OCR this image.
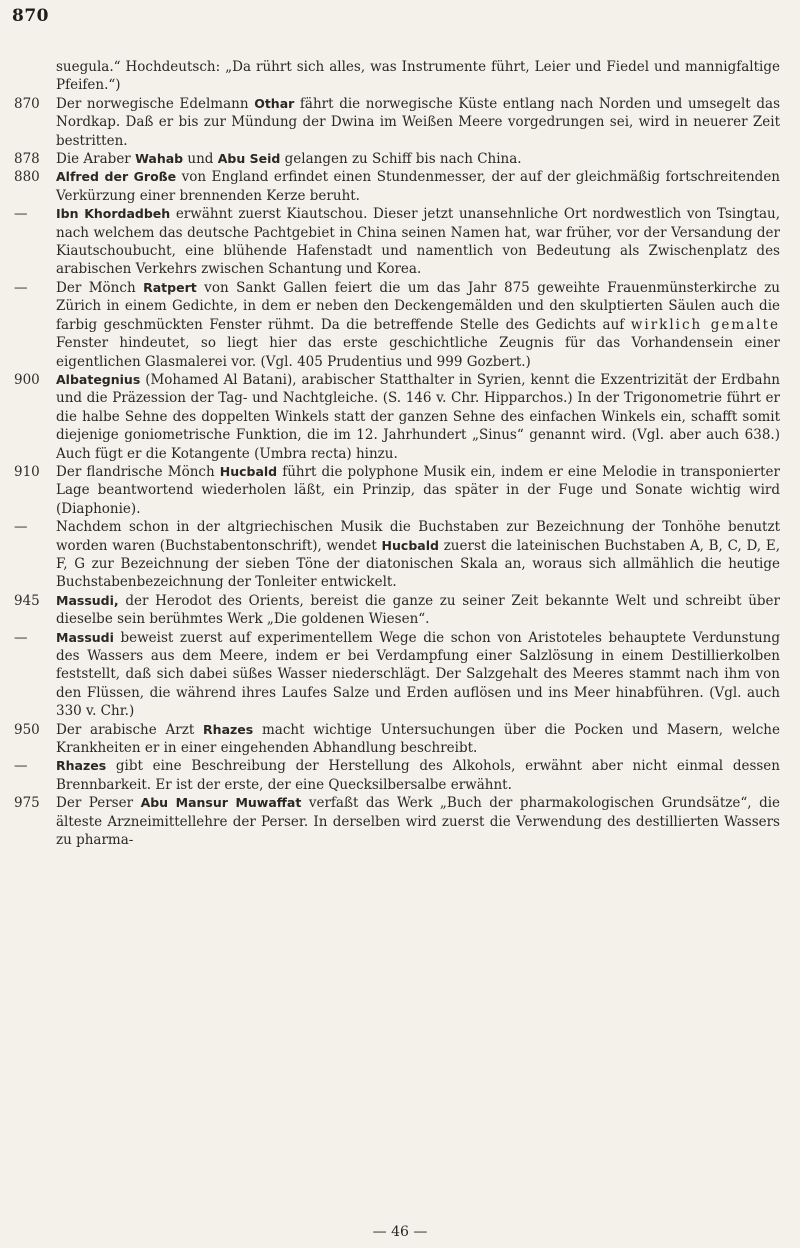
870
suegula.“ Hochdeutsch: „Da rührt sich alles, was Instrumente führt, Leier und Fiedel und mannigfaltige Pfeifen.“)
870 Der norwegische Edelmann Othar fährt die norwegische Küste entlang nach Norden und umsegelt das Nordkap. Daß er bis zur Mündung der Dwina im Weißen Meere vorgedrungen sei, wird in neuerer Zeit bestritten.
878 Die Araber Wahab und Abu Seid gelangen zu Schiff bis nach China.
880 Alfred der Große von England erfindet einen Stundenmesser, der auf der gleichmäßig fortschreitenden Verkürzung einer brennenden Kerze beruht.
— Ibn Khordadbeh erwähnt zuerst Kiautschou. Dieser jetzt unansehnliche Ort nordwestlich von Tsingtau, nach welchem das deutsche Pachtgebiet in China seinen Namen hat, war früher, vor der Versandung der Kiautschoubucht, eine blühende Hafenstadt und namentlich von Bedeutung als Zwischenplatz des arabischen Verkehrs zwischen Schantung und Korea.
— Der Mönch Ratpert von Sankt Gallen feiert die um das Jahr 875 geweihte Frauenmünsterkirche zu Zürich in einem Gedichte, in dem er neben den Deckengemälden und den skulptierten Säulen auch die farbig geschmückten Fenster rühmt. Da die betreffende Stelle des Gedichts auf wirklich gemalte Fenster hindeutet, so liegt hier das erste geschichtliche Zeugnis für das Vorhandensein einer eigentlichen Glasmalerei vor. (Vgl. 405 Prudentius und 999 Gozbert.)
900 Albategnius (Mohamed Al Batani), arabischer Statthalter in Syrien, kennt die Exzentrizität der Erdbahn und die Präzession der Tag- und Nachtgleiche. (S. 146 v. Chr. Hipparchos.) In der Trigonometrie führt er die halbe Sehne des doppelten Winkels statt der ganzen Sehne des einfachen Winkels ein, schafft somit diejenige goniometrische Funktion, die im 12. Jahrhundert „Sinus“ genannt wird. (Vgl. aber auch 638.) Auch fügt er die Kotangente (Umbra recta) hinzu.
910 Der flandrische Mönch Hucbald führt die polyphone Musik ein, indem er eine Melodie in transponierter Lage beantwortend wiederholen läßt, ein Prinzip, das später in der Fuge und Sonate wichtig wird (Diaphonie).
— Nachdem schon in der altgriechischen Musik die Buchstaben zur Bezeichnung der Tonhöhe benutzt worden waren (Buchstabentonschrift), wendet Hucbald zuerst die lateinischen Buchstaben A, B, C, D, E, F, G zur Bezeichnung der sieben Töne der diatonischen Skala an, woraus sich allmählich die heutige Buchstabenbezeichnung der Tonleiter entwickelt.
945 Massudi, der Herodot des Orients, bereist die ganze zu seiner Zeit bekannte Welt und schreibt über dieselbe sein berühmtes Werk „Die goldenen Wiesen“.
— Massudi beweist zuerst auf experimentellem Wege die schon von Aristoteles behauptete Verdunstung des Wassers aus dem Meere, indem er bei Verdampfung einer Salzlösung in einem Destillierkolben feststellt, daß sich dabei süßes Wasser niederschlägt. Der Salzgehalt des Meeres stammt nach ihm von den Flüssen, die während ihres Laufes Salze und Erden auflösen und ins Meer hinabführen. (Vgl. auch 330 v. Chr.)
950 Der arabische Arzt Rhazes macht wichtige Untersuchungen über die Pocken und Masern, welche Krankheiten er in einer eingehenden Abhandlung beschreibt.
— Rhazes gibt eine Beschreibung der Herstellung des Alkohols, erwähnt aber nicht einmal dessen Brennbarkeit. Er ist der erste, der eine Quecksilbersalbe erwähnt.
975 Der Perser Abu Mansur Muwaffat verfaßt das Werk „Buch der pharmakologischen Grundsätze“, die älteste Arzneimittellehre der Perser. In derselben wird zuerst die Verwendung des destillierten Wassers zu pharma-
— 46 —
